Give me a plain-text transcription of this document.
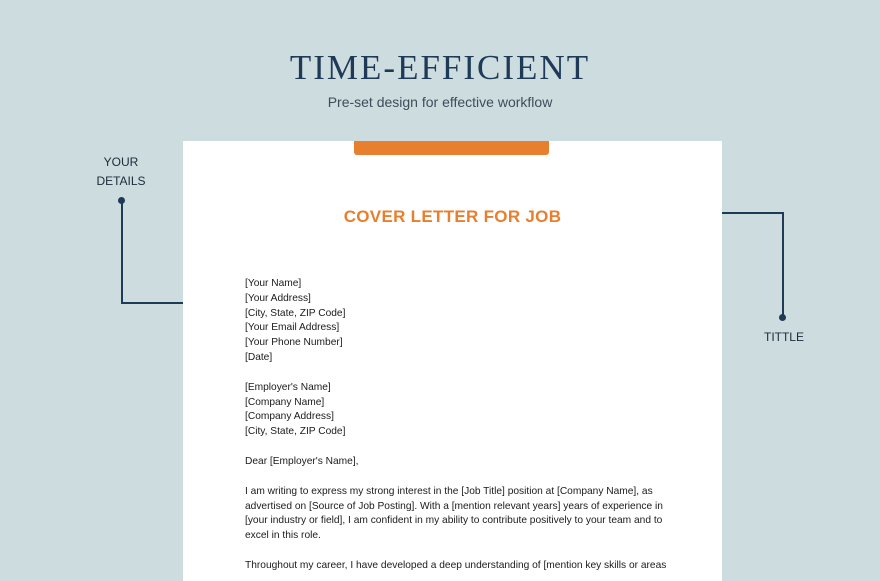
TIME-EFFICIENT
Pre-set design for effective workflow
YOUR
DETAILS
TITTLE
COVER LETTER FOR JOB
[Your Name]
[Your Address]
[City, State, ZIP Code]
[Your Email Address]
[Your Phone Number]
[Date]
[Employer's Name]
[Company Name]
[Company Address]
[City, State, ZIP Code]
Dear [Employer's Name],
I am writing to express my strong interest in the [Job Title] position at [Company Name], as
advertised on [Source of Job Posting]. With a [mention relevant years] years of experience in
[your industry or field], I am confident in my ability to contribute positively to your team and to
excel in this role.
Throughout my career, I have developed a deep understanding of [mention key skills or areas
